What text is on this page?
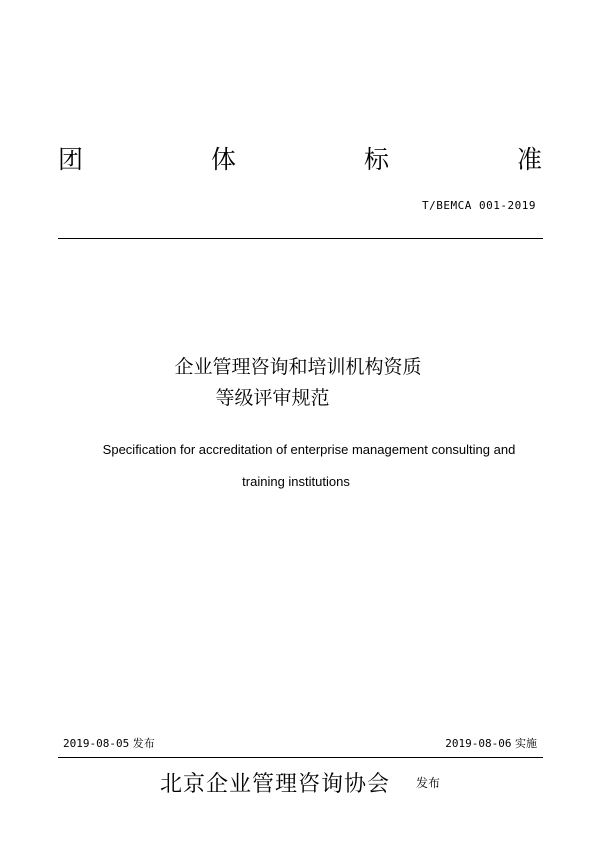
团	体	标	准
T/BEMCA 001-2019
企业管理咨询和培训机构资质
等级评审规范
Specification for accreditation of enterprise management consulting and
training institutions
2019-08-05 发布	2019-08-06 实施
北京企业管理咨询协会 $^{发布}$
